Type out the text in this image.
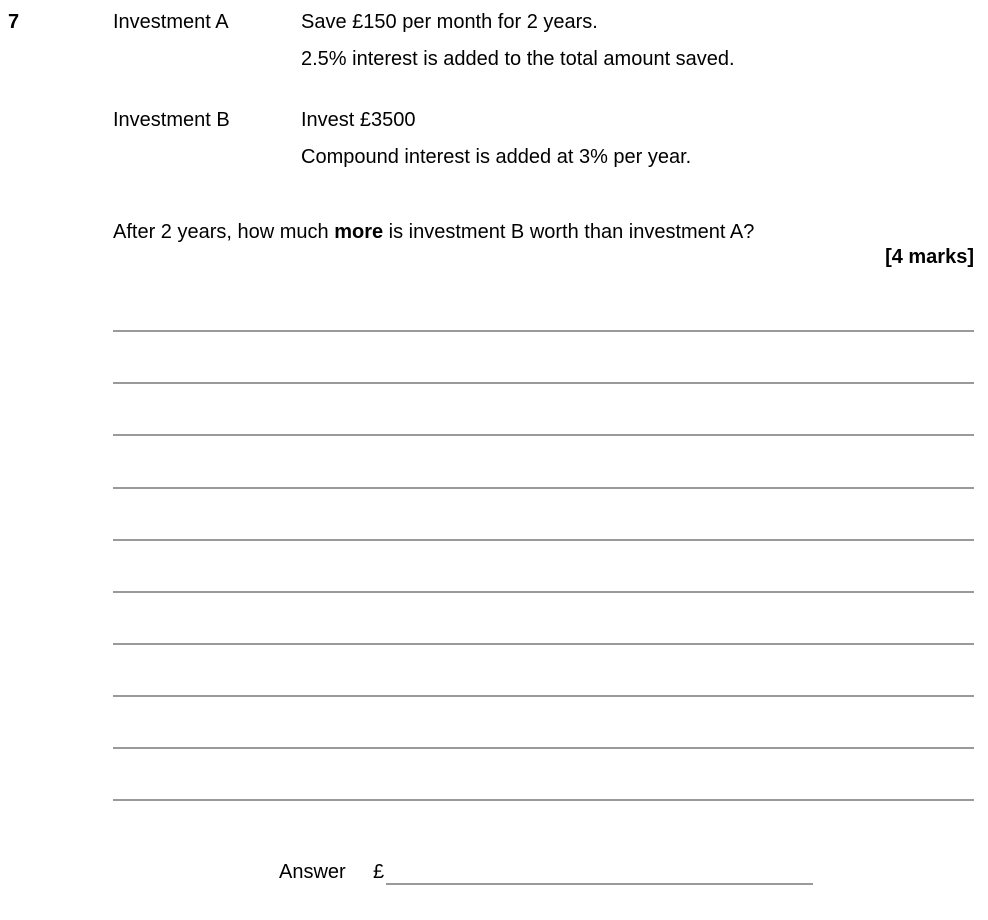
7	Investment A	Save £150 per month for 2 years.
2.5% interest is added to the total amount saved.
Investment B	Invest £3500
Compound interest is added at 3% per year.
After 2 years, how much more is investment B worth than investment A?
[4 marks]
Answer £
